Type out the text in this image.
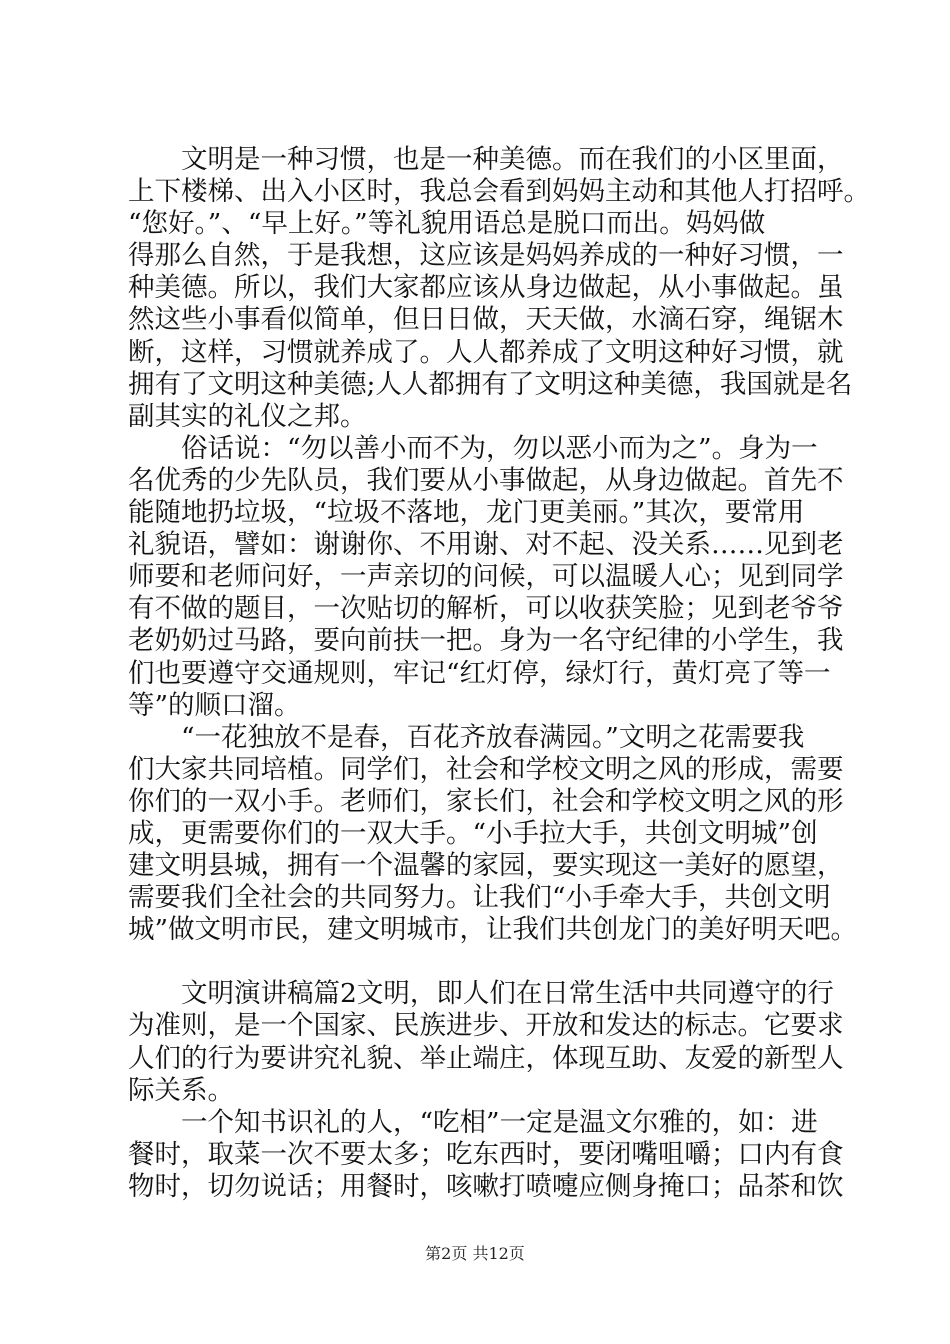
　　文明是一种习惯，也是一种美德。而在我们的小区里面，
上下楼梯、出入小区时，我总会看到妈妈主动和其他人打招呼。
“您好。”、“早上好。”等礼貌用语总是脱口而出。妈妈做
得那么自然，于是我想，这应该是妈妈养成的一种好习惯，一
种美德。所以，我们大家都应该从身边做起，从小事做起。虽
然这些小事看似简单，但日日做，天天做，水滴石穿，绳锯木
断，这样，习惯就养成了。人人都养成了文明这种好习惯，就
拥有了文明这种美德;人人都拥有了文明这种美德，我国就是名
副其实的礼仪之邦。
　　俗话说：“勿以善小而不为，勿以恶小而为之”。身为一
名优秀的少先队员，我们要从小事做起，从身边做起。首先不
能随地扔垃圾，“垃圾不落地，龙门更美丽。”其次，要常用
礼貌语，譬如：谢谢你、不用谢、对不起、没关系……见到老
师要和老师问好，一声亲切的问候，可以温暖人心；见到同学
有不做的题目，一次贴切的解析，可以收获笑脸；见到老爷爷
老奶奶过马路，要向前扶一把。身为一名守纪律的小学生，我
们也要遵守交通规则，牢记“红灯停，绿灯行，黄灯亮了等一
等”的顺口溜。
　　“一花独放不是春，百花齐放春满园。”文明之花需要我
们大家共同培植。同学们，社会和学校文明之风的形成，需要
你们的一双小手。老师们，家长们，社会和学校文明之风的形
成，更需要你们的一双大手。“小手拉大手，共创文明城”创
建文明县城，拥有一个温馨的家园，要实现这一美好的愿望，
需要我们全社会的共同努力。让我们“小手牵大手，共创文明
城”做文明市民，建文明城市，让我们共创龙门的美好明天吧。
　　文明演讲稿篇2文明，即人们在日常生活中共同遵守的行
为准则，是一个国家、民族进步、开放和发达的标志。它要求
人们的行为要讲究礼貌、举止端庄，体现互助、友爱的新型人
际关系。
　　一个知书识礼的人，“吃相”一定是温文尔雅的，如：进
餐时，取菜一次不要太多；吃东西时，要闭嘴咀嚼；口内有食
物时，切勿说话；用餐时，咳嗽打喷嚏应侧身掩口；品茶和饮
第2页 共12页
